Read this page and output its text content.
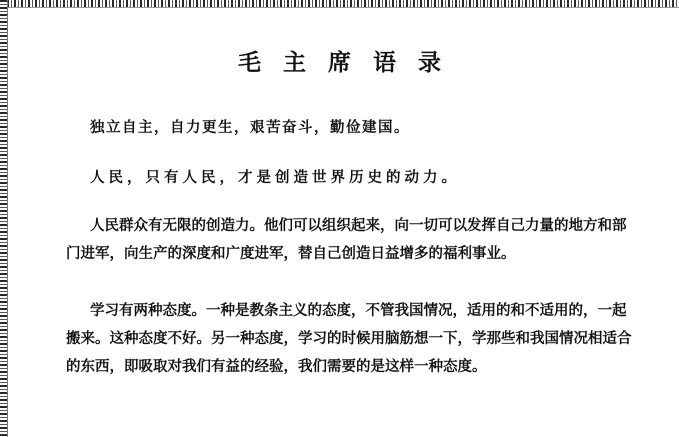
毛主席语录

独立自主，自力更生，艰苦奋斗，勤俭建国。

人民，只有人民，才是创造世界历史的动力。

人民群众有无限的创造力。他们可以组织起来，向一切可以发挥自己力量的地方和部门进军，向生产的深度和广度进军，替自己创造日益增多的福利事业。

学习有两种态度。一种是教条主义的态度，不管我国情况，适用的和不适用的，一起搬来。这种态度不好。另一种态度，学习的时候用脑筋想一下，学那些和我国情况相适合的东西，即吸取对我们有益的经验，我们需要的是这样一种态度。
